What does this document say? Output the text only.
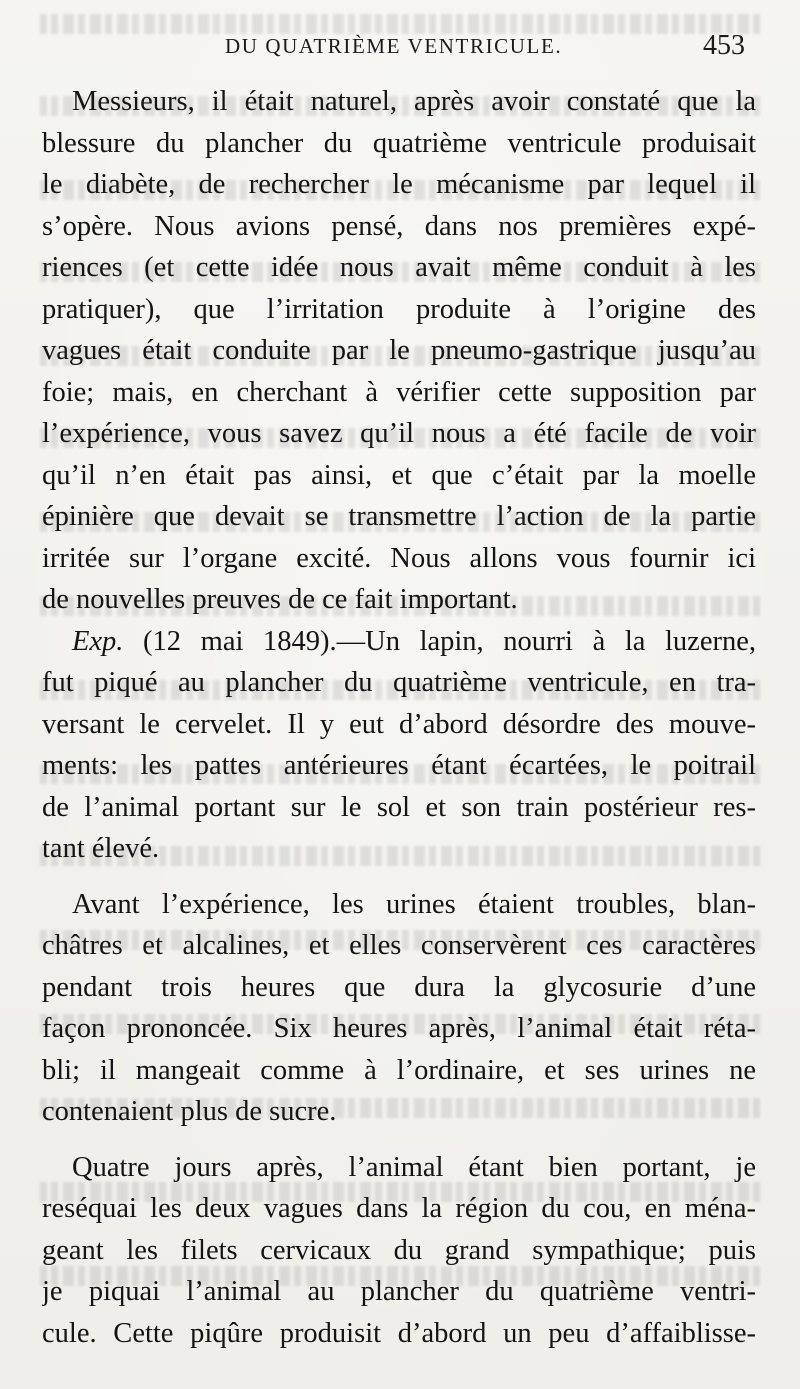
DU QUATRIÈME VENTRICULE.	453
Messieurs, il était naturel, après avoir constaté que la
blessure du plancher du quatrième ventricule produisait
le diabète, de rechercher le mécanisme par lequel il
s’opère. Nous avions pensé, dans nos premières expé-
riences (et cette idée nous avait même conduit à les
pratiquer), que l’irritation produite à l’origine des
vagues était conduite par le pneumo-gastrique jusqu’au
foie; mais, en cherchant à vérifier cette supposition par
l’expérience, vous savez qu’il nous a été facile de voir
qu’il n’en était pas ainsi, et que c’était par la moelle
épinière que devait se transmettre l’action de la partie
irritée sur l’organe excité. Nous allons vous fournir ici
de nouvelles preuves de ce fait important.
Exp. (12 mai 1849).—Un lapin, nourri à la luzerne,
fut piqué au plancher du quatrième ventricule, en tra-
versant le cervelet. Il y eut d’abord désordre des mouve-
ments: les pattes antérieures étant écartées, le poitrail
de l’animal portant sur le sol et son train postérieur res-
tant élevé.
Avant l’expérience, les urines étaient troubles, blan-
châtres et alcalines, et elles conservèrent ces caractères
pendant trois heures que dura la glycosurie d’une
façon prononcée. Six heures après, l’animal était réta-
bli; il mangeait comme à l’ordinaire, et ses urines ne
contenaient plus de sucre.
Quatre jours après, l’animal étant bien portant, je
reséquai les deux vagues dans la région du cou, en ména-
geant les filets cervicaux du grand sympathique; puis
je piquai l’animal au plancher du quatrième ventri-
cule. Cette piqûre produisit d’abord un peu d’affaiblisse-
